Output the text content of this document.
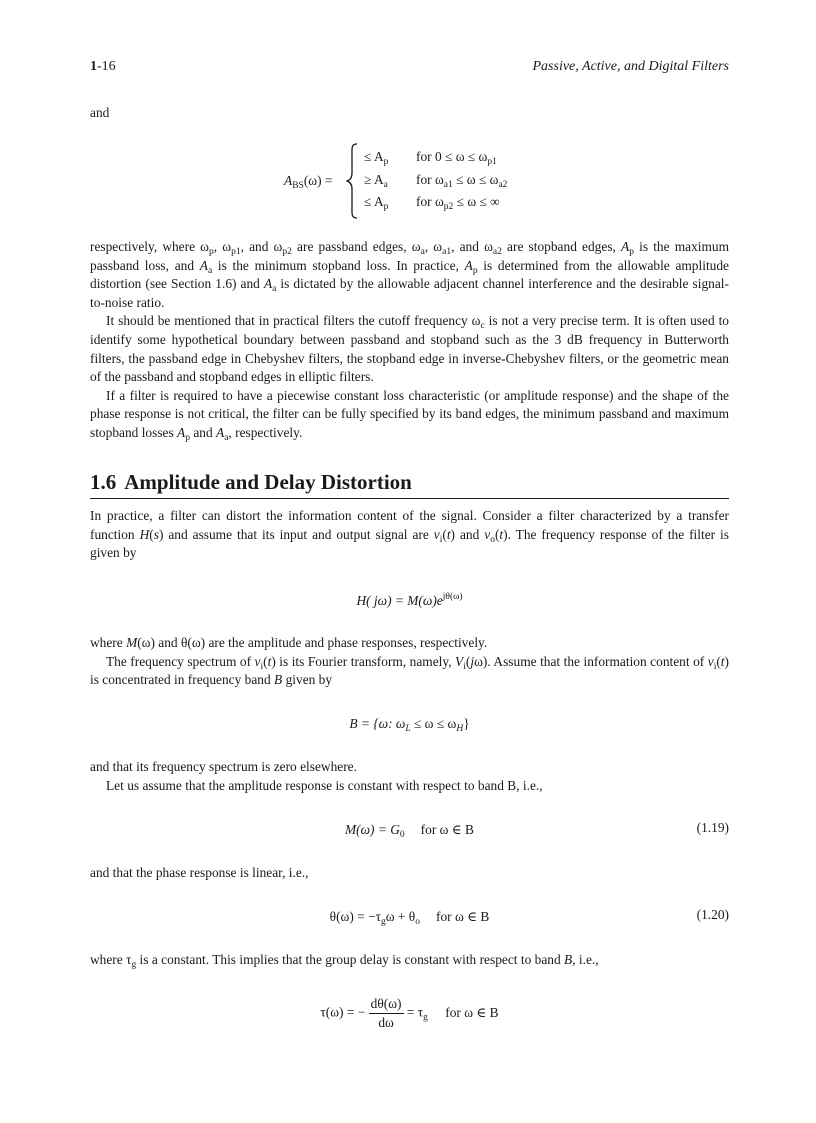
1-16	Passive, Active, and Digital Filters
and
$A_{BS}(\omega)$ =
≤ $A_p$ for $0 \le \omega \le \omega_{p1}$
≥ $A_a$ for $\omega_{a1} \le \omega \le \omega_{a2}$
≤ $A_p$ for $\omega_{p2} \le \omega$ ≤ ∞

respectively, where $\omega_p$, $\omega_{p1}$, and $\omega_{p2}$ are passband edges, $\omega_a$, $\omega_{a1}$, and $\omega_{a2}$ are stopband edges, $A_p$ is the maximum passband loss, and $A_a$ is the minimum stopband loss. In practice, $A_p$ is determined from the allowable amplitude distortion (see Section 1.6) and $A_a$ is dictated by the allowable adjacent channel interference and the desirable signal-to-noise ratio.

It should be mentioned that in practical filters the cutoff frequency $\omega_c$ is not a very precise term. It is often used to identify some hypothetical boundary between passband and stopband such as the 3 dB frequency in Butterworth filters, the passband edge in Chebyshev filters, the stopband edge in inverse-Chebyshev filters, or the geometric mean of the passband and stopband edges in elliptic filters.

If a filter is required to have a piecewise constant loss characteristic (or amplitude response) and the shape of the phase response is not critical, the filter can be fully specified by its band edges, the minimum passband and maximum stopband losses $A_p$ and $A_a$, respectively.

1.6 Amplitude and Delay Distortion

In practice, a filter can distort the information content of the signal. Consider a filter characterized by a transfer function H(s) and assume that its input and output signal are $v_i(t)$ and $v_o(t)$. The frequency response of the filter is given by

H( $j\omega) = M(\omega)e^{j\theta(\omega)}$

where M(ω) and θ(ω) are the amplitude and phase responses, respectively.

The frequency spectrum of $v_i(t)$ is its Fourier transform, namely, $V_i(j\omega)$. Assume that the information content of $v_i(t)$ is concentrated in frequency band B given by

B = {ω: $\omega_L \le \omega \le \omega_H$}

and that its frequency spectrum is zero elsewhere.

Let us assume that the amplitude response is constant with respect to band B, i.e.,

$M(\omega) = G_0$ for ω ∈ B	(1.19)
and that the phase response is linear, i.e.,
$\theta(\omega) = -\tau_g\omega + \theta_o$ for ω ∈ B	(1.20)

where $\tau_g$ is a constant. This implies that the group delay is constant with respect to band B, i.e.,

τ(ω) = − $\frac{d\theta(\omega)}{d\omega} = \tau_g$ for ω ∈ B
